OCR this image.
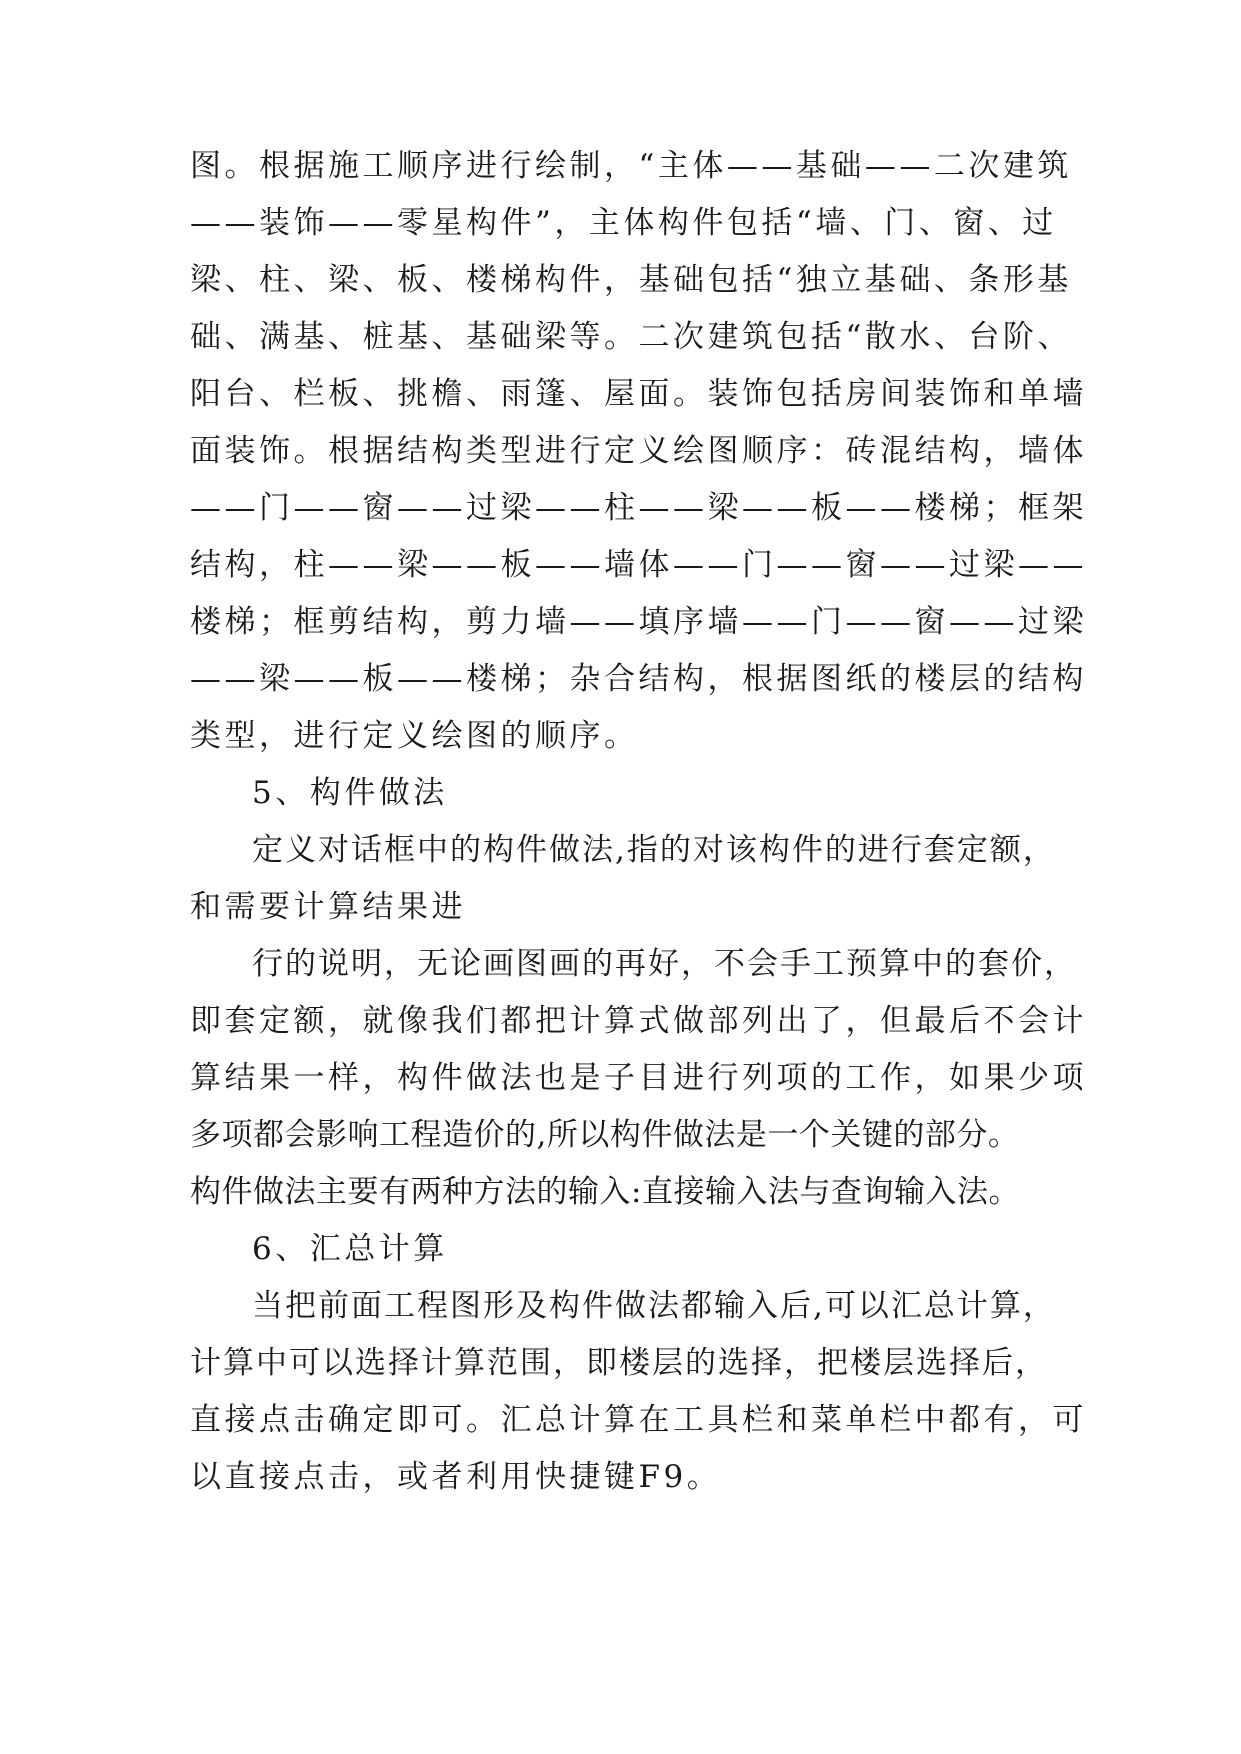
图。根据施工顺序进行绘制，“主体——基础——二次建筑
——装饰——零星构件”，主体构件包括“墙、门、窗、过
梁、柱、梁、板、楼梯构件，基础包括“独立基础、条形基
础、满基、桩基、基础梁等。二次建筑包括“散水、台阶、
阳台、栏板、挑檐、雨篷、屋面。装饰包括房间装饰和单墙
面装饰。根据结构类型进行定义绘图顺序：砖混结构，墙体
——门——窗——过梁——柱——梁——板——楼梯；框架
结构，柱——梁——板——墙体——门——窗——过梁——
楼梯；框剪结构，剪力墙——填序墙——门——窗——过梁
——梁——板——楼梯；杂合结构，根据图纸的楼层的结构
类型，进行定义绘图的顺序。
5、构件做法
定义对话框中的构件做法,指的对该构件的进行套定额，
和需要计算结果进
行的说明，无论画图画的再好，不会手工预算中的套价，
即套定额，就像我们都把计算式做部列出了，但最后不会计
算结果一样，构件做法也是子目进行列项的工作，如果少项
多项都会影响工程造价的,所以构件做法是一个关键的部分。
构件做法主要有两种方法的输入:直接输入法与查询输入法。
6、汇总计算
当把前面工程图形及构件做法都输入后,可以汇总计算，
计算中可以选择计算范围，即楼层的选择，把楼层选择后，
直接点击确定即可。汇总计算在工具栏和菜单栏中都有，可
以直接点击，或者利用快捷键F9。
